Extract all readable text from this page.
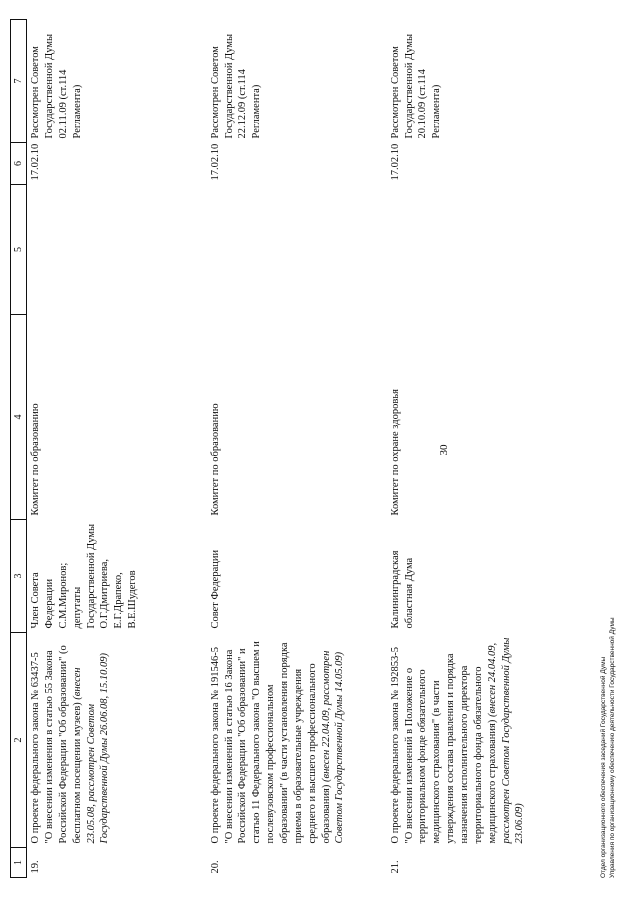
30
1	2	3	4	5	6	7
19.	О проекте федерального закона № 63437-5 "О внесении изменения в статью 55 Закона Российской Федерации "Об образовании" (о бесплатном посещении музеев) (внесен 23.05.08, рассмотрен Советом Государственной Думы 26.06.08, 15.10.09)	Член Совета Федерации С.М.Миронов; депутаты Государственной Думы О.Г.Дмитриева, Е.Г.Драпеко, В.Е.Шудегов	Комитет по образованию		17.02.10	Рассмотрен Советом Государственной Думы 02.11.09 (ст.114 Регламента)
20.	О проекте федерального закона № 191546-5 "О внесении изменений в статью 16 Закона Российской Федерации "Об образовании" и статью 11 Федерального закона "О высшем и послевузовском профессиональном образовании" (в части установления порядка приема в образовательные учреждения среднего и высшего профессионального образования) (внесен 22.04.09, рассмотрен Советом Государственной Думы 14.05.09)	Совет Федерации	Комитет по образованию		17.02.10	Рассмотрен Советом Государственной Думы 22.12.09 (ст.114 Регламента)
21.	О проекте федерального закона № 192853-5 "О внесении изменений в Положение о территориальном фонде обязательного медицинского страхования" (в части утверждения состава правления и порядка назначения исполнительного директора территориального фонда обязательного медицинского страхования) (внесен 24.04.09, рассмотрен Советом Государственной Думы 23.06.09)	Калининградская областная Дума	Комитет по охране здоровья		17.02.10	Рассмотрен Советом Государственной Думы 20.10.09 (ст.114 Регламента)
Отдел организационного обеспечения заседаний Государственной Думы Управления по организационному обеспечению деятельности Государственной Думы
